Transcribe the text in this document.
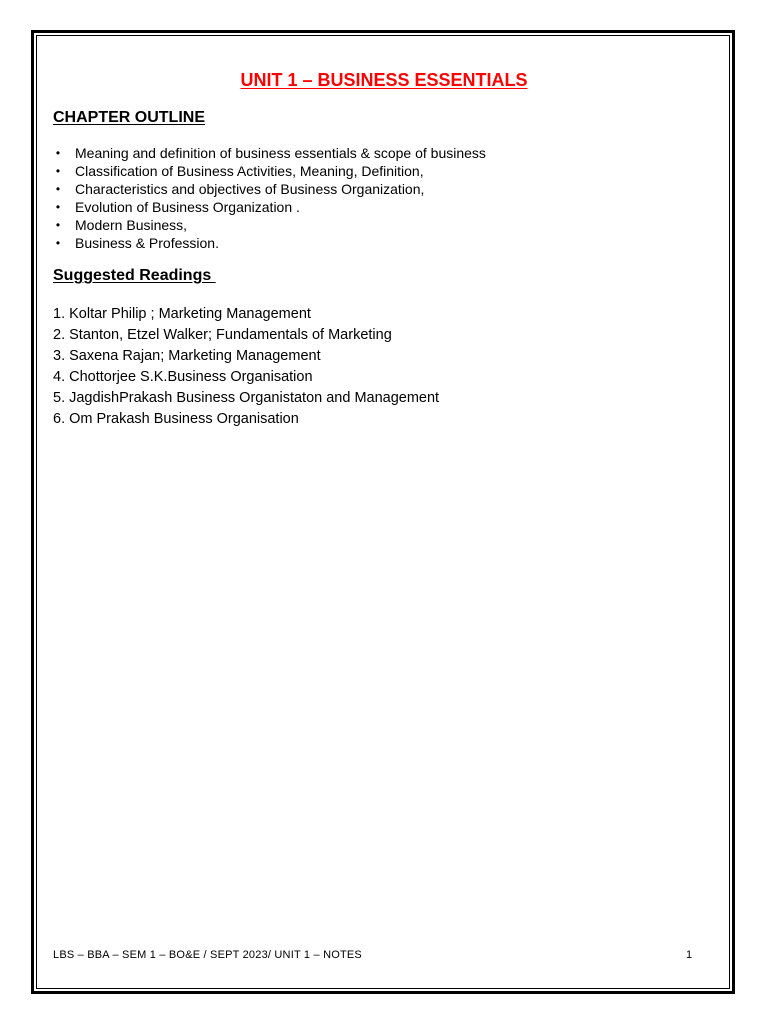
UNIT 1 – BUSINESS ESSENTIALS
CHAPTER OUTLINE
• Meaning and definition of business essentials & scope of business
• Classification of Business Activities, Meaning, Definition,
• Characteristics and objectives of Business Organization,
• Evolution of Business Organization .
• Modern Business,
• Business & Profession.
Suggested Readings
1. Koltar Philip ; Marketing Management
2. Stanton, Etzel Walker; Fundamentals of Marketing
3. Saxena Rajan; Marketing Management
4. Chottorjee S.K.Business Organisation
5. JagdishPrakash Business Organistaton and Management
6. Om Prakash Business Organisation
LBS – BBA – SEM 1 – BO&E / SEPT 2023/ UNIT 1 – NOTES	1
